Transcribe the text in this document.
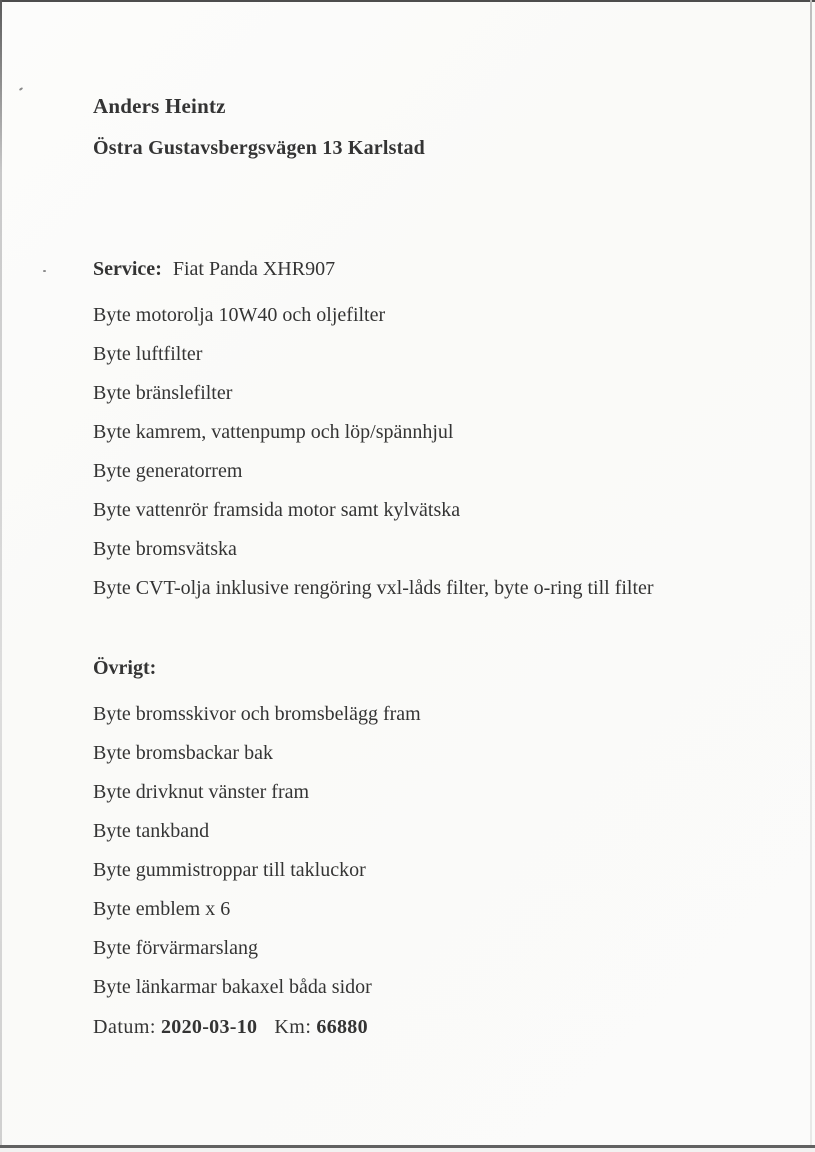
Anders Heintz
Östra Gustavsbergsvägen 13 Karlstad
Service: Fiat Panda XHR907
Byte motorolja 10W40 och oljefilter
Byte luftfilter
Byte bränslefilter
Byte kamrem, vattenpump och löp/spännhjul
Byte generatorrem
Byte vattenrör framsida motor samt kylvätska
Byte bromsvätska
Byte CVT-olja inklusive rengöring vxl-låds filter, byte o-ring till filter
Övrigt:
Byte bromsskivor och bromsbelägg fram
Byte bromsbackar bak
Byte drivknut vänster fram
Byte tankband
Byte gummistroppar till takluckor
Byte emblem x 6
Byte förvärmarslang
Byte länkarmar bakaxel båda sidor
Datum: 2020-03-10 Km: 66880
